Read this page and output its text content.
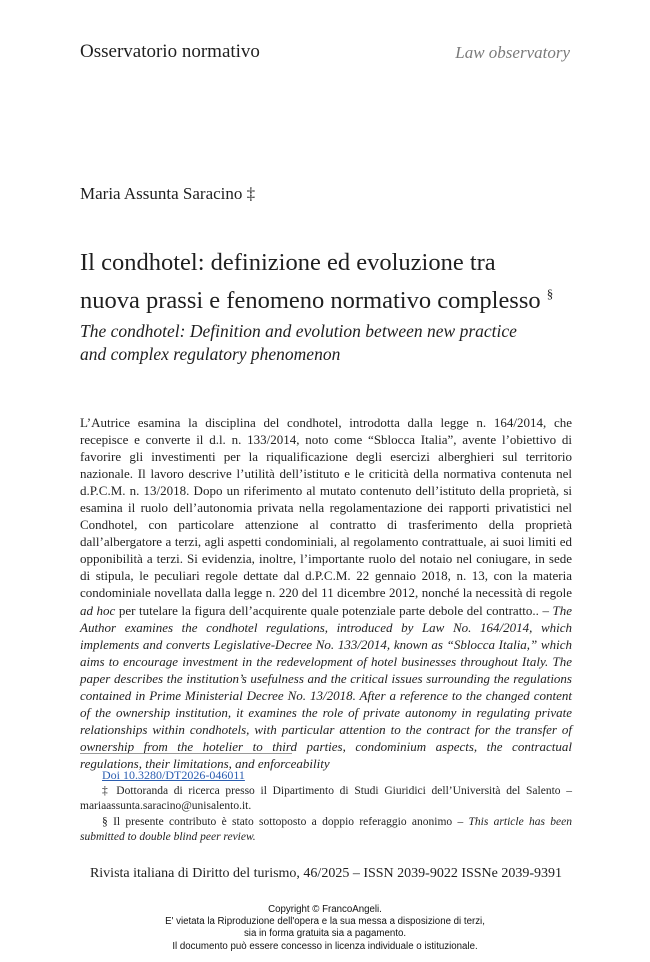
Osservatorio normativo	Law observatory
Maria Assunta Saracino ‡
Il condhotel: definizione ed evoluzione tra
nuova prassi e fenomeno normativo complesso §
The condhotel: Definition and evolution between new practice
and complex regulatory phenomenon
L’Autrice esamina la disciplina del condhotel, introdotta dalla legge n. 164/2014, che recepisce e converte il d.l. n. 133/2014, noto come “Sblocca Italia”, avente l’obiettivo di favorire gli investimenti per la riqualificazione degli esercizi alberghieri sul territorio nazionale. Il lavoro descrive l’utilità dell’istituto e le criticità della normativa contenuta nel d.P.C.M. n. 13/2018. Dopo un riferimento al mutato contenuto dell’istituto della proprietà, si esamina il ruolo dell’autonomia privata nella regolamentazione dei rapporti privatistici nel Condhotel, con particolare attenzione al contratto di trasferimento della proprietà dall’albergatore a terzi, agli aspetti condominiali, al regolamento contrattuale, ai suoi limiti ed opponibilità a terzi. Si evidenzia, inoltre, l’importante ruolo del notaio nel coniugare, in sede di stipula, le peculiari regole dettate dal d.P.C.M. 22 gennaio 2018, n. 13, con la materia condominiale novellata dalla legge n. 220 del 11 dicembre 2012, nonché la necessità di regole ad hoc per tutelare la figura dell’acquirente quale potenziale parte debole del contratto.. – The Author examines the condhotel regulations, introduced by Law No. 164/2014, which implements and converts Legislative-Decree No. 133/2014, known as “Sblocca Italia,” which aims to encourage investment in the redevelopment of hotel businesses throughout Italy. The paper describes the institution’s usefulness and the critical issues surrounding the regulations contained in Prime Ministerial Decree No. 13/2018. After a reference to the changed content of the ownership institution, it examines the role of private autonomy in regulating private relationships within condhotels, with particular attention to the contract for the transfer of ownership from the hotelier to third parties, condominium aspects, the contractual regulations, their limitations, and enforceability
Doi 10.3280/DT2026-046011
‡ Dottoranda di ricerca presso il Dipartimento di Studi Giuridici dell’Università del Salento – mariaassunta.saracino@unisalento.it.
§ Il presente contributo è stato sottoposto a doppio referaggio anonimo – This article has been submitted to double blind peer review.
Rivista italiana di Diritto del turismo, 46/2025 – ISSN 2039-9022 ISSNe 2039-9391
Copyright © FrancoAngeli.
E' vietata la Riproduzione dell'opera e la sua messa a disposizione di terzi,
sia in forma gratuita sia a pagamento.
Il documento può essere concesso in licenza individuale o istituzionale.
